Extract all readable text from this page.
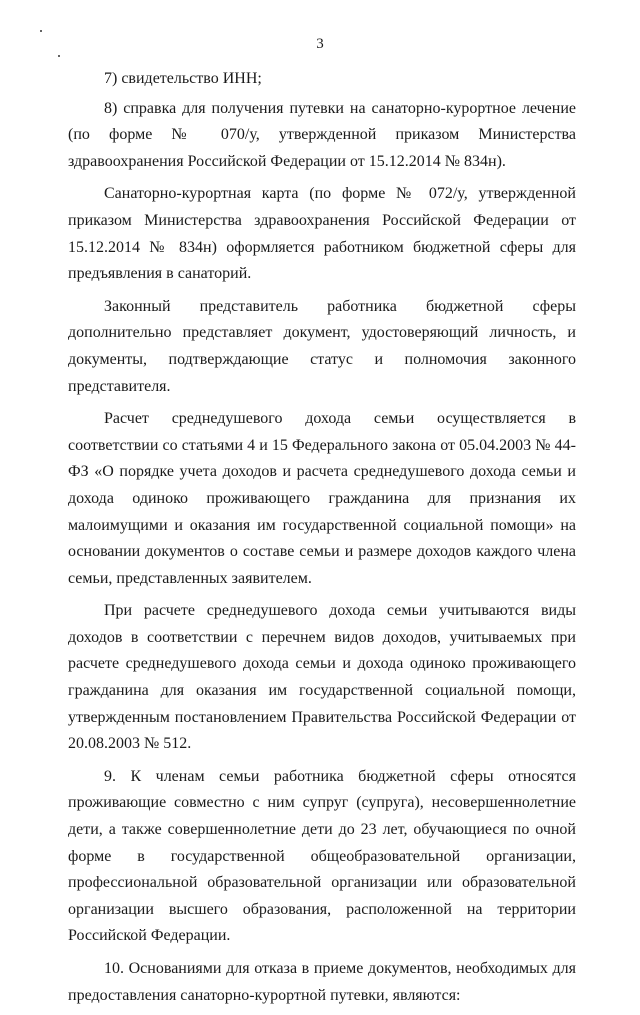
3

7) свидетельство ИНН;

8) справка для получения путевки на санаторно-курортное лечение (по форме № 070/у, утвержденной приказом Министерства здравоохранения Российской Федерации от 15.12.2014 № 834н).

Санаторно-курортная карта (по форме № 072/у, утвержденной приказом Министерства здравоохранения Российской Федерации от 15.12.2014 № 834н) оформляется работником бюджетной сферы для предъявления в санаторий.

Законный представитель работника бюджетной сферы дополнительно представляет документ, удостоверяющий личность, и документы, подтверждающие статус и полномочия законного представителя.

Расчет среднедушевого дохода семьи осуществляется в соответствии со статьями 4 и 15 Федерального закона от 05.04.2003 № 44-ФЗ «О порядке учета доходов и расчета среднедушевого дохода семьи и дохода одиноко проживающего гражданина для признания их малоимущими и оказания им государственной социальной помощи» на основании документов о составе семьи и размере доходов каждого члена семьи, представленных заявителем.

При расчете среднедушевого дохода семьи учитываются виды доходов в соответствии с перечнем видов доходов, учитываемых при расчете среднедушевого дохода семьи и дохода одиноко проживающего гражданина для оказания им государственной социальной помощи, утвержденным постановлением Правительства Российской Федерации от 20.08.2003 № 512.

9. К членам семьи работника бюджетной сферы относятся проживающие совместно с ним супруг (супруга), несовершеннолетние дети, а также совершеннолетние дети до 23 лет, обучающиеся по очной форме в государственной общеобразовательной организации, профессиональной образовательной организации или образовательной организации высшего образования, расположенной на территории Российской Федерации.

10. Основаниями для отказа в приеме документов, необходимых для предоставления санаторно-курортной путевки, являются:
